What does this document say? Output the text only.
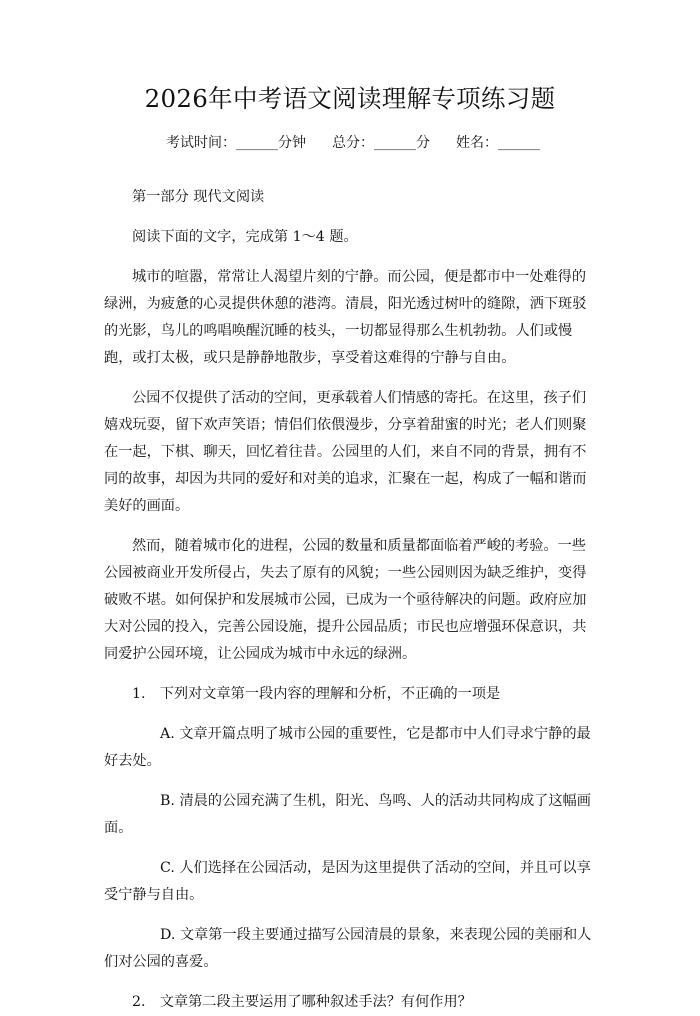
2026年中考语文阅读理解专项练习题
考试时间：______分钟 总分：______分 姓名：______

第一部分 现代文阅读

阅读下面的文字，完成第 1～4 题。

城市的喧嚣，常常让人渴望片刻的宁静。而公园，便是都市中一处难得的绿洲，为疲惫的心灵提供休憩的港湾。清晨，阳光透过树叶的缝隙，洒下斑驳的光影，鸟儿的鸣唱唤醒沉睡的枝头，一切都显得那么生机勃勃。人们或慢跑，或打太极，或只是静静地散步，享受着这难得的宁静与自由。

公园不仅提供了活动的空间，更承载着人们情感的寄托。在这里，孩子们嬉戏玩耍，留下欢声笑语；情侣们依偎漫步，分享着甜蜜的时光；老人们则聚在一起，下棋、聊天，回忆着往昔。公园里的人们，来自不同的背景，拥有不同的故事，却因为共同的爱好和对美的追求，汇聚在一起，构成了一幅和谐而美好的画面。

然而，随着城市化的进程，公园的数量和质量都面临着严峻的考验。一些公园被商业开发所侵占，失去了原有的风貌；一些公园则因为缺乏维护，变得破败不堪。如何保护和发展城市公园，已成为一个亟待解决的问题。政府应加大对公园的投入，完善公园设施，提升公园品质；市民也应增强环保意识，共同爱护公园环境，让公园成为城市中永远的绿洲。

1.　下列对文章第一段内容的理解和分析，不正确的一项是

A. 文章开篇点明了城市公园的重要性，它是都市中人们寻求宁静的最好去处。

B. 清晨的公园充满了生机，阳光、鸟鸣、人的活动共同构成了这幅画面。

C. 人们选择在公园活动，是因为这里提供了活动的空间，并且可以享受宁静与自由。

D. 文章第一段主要通过描写公园清晨的景象，来表现公园的美丽和人们对公园的喜爱。

2.　文章第二段主要运用了哪种叙述手法？有何作用？
